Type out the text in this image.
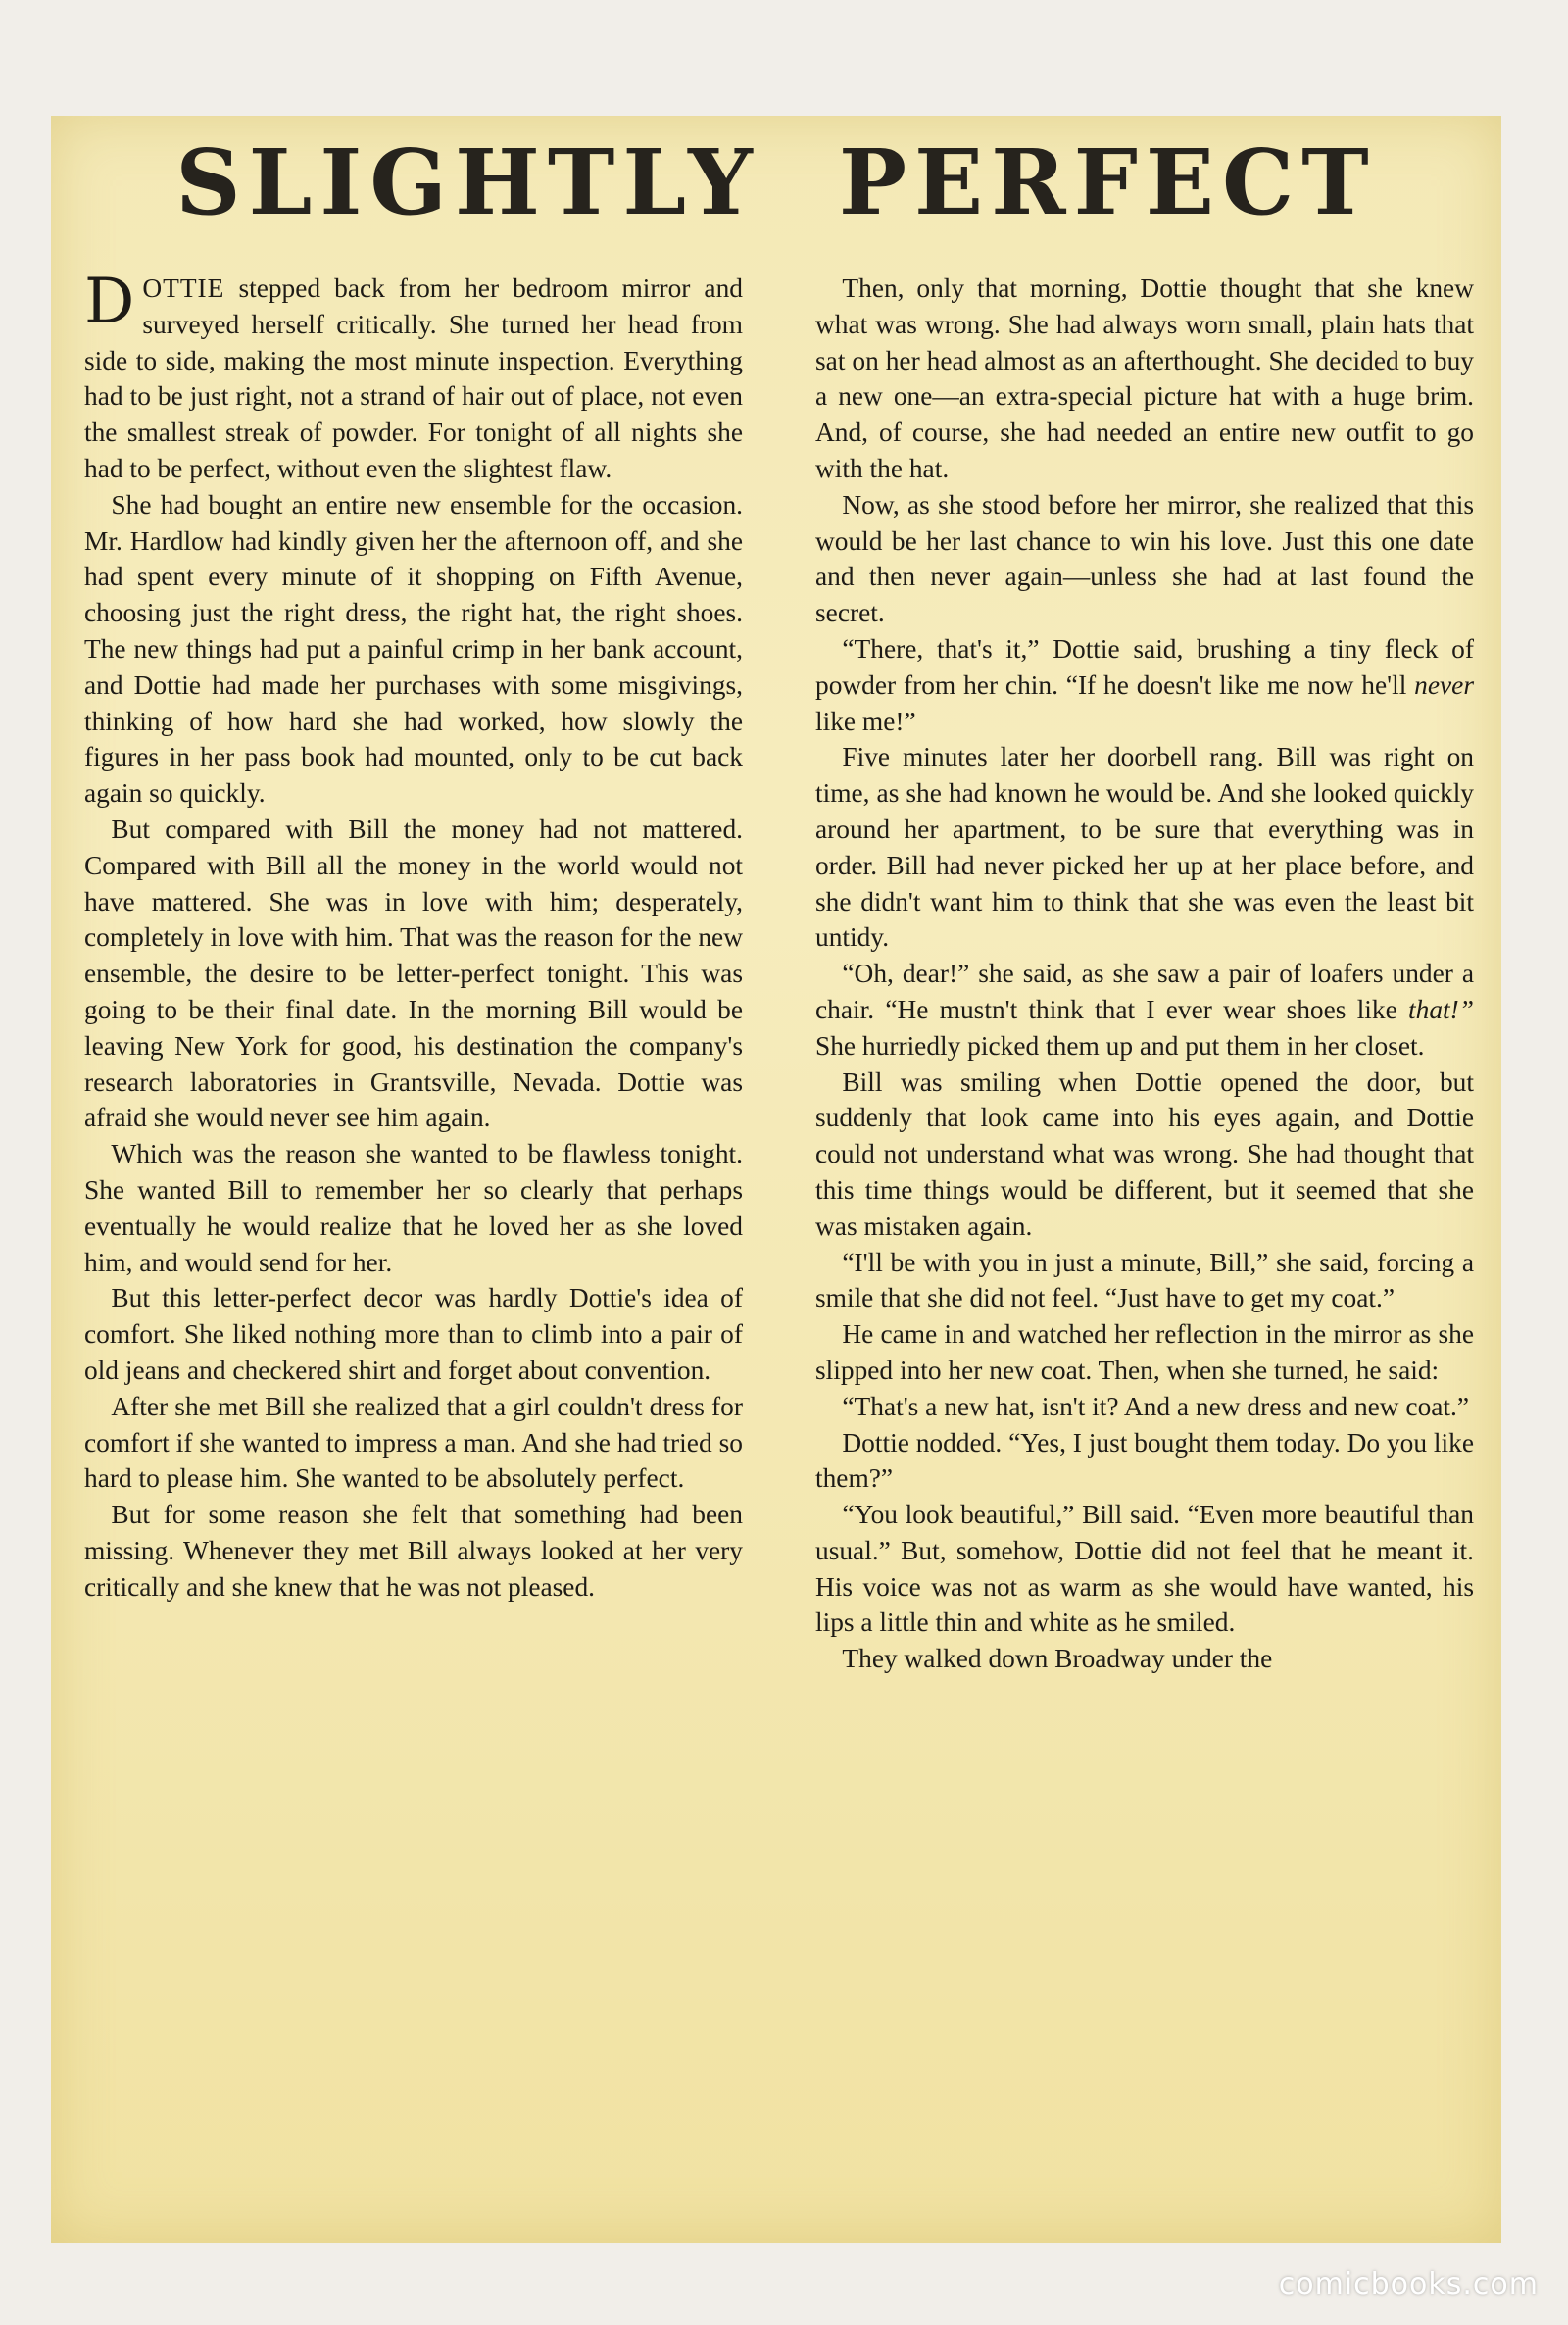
SLIGHTLY PERFECT

DOTTIE stepped back from her bedroom mirror and surveyed herself critically. She turned her head from side to side, making the most minute inspection. Everything had to be just right, not a strand of hair out of place, not even the smallest streak of powder. For tonight of all nights she had to be perfect, without even the slightest flaw.

She had bought an entire new ensemble for the occasion. Mr. Hardlow had kindly given her the afternoon off, and she had spent every minute of it shopping on Fifth Avenue, choosing just the right dress, the right hat, the right shoes. The new things had put a painful crimp in her bank account, and Dottie had made her purchases with some misgivings, thinking of how hard she had worked, how slowly the figures in her pass book had mounted, only to be cut back again so quickly.

But compared with Bill the money had not mattered. Compared with Bill all the money in the world would not have mattered. She was in love with him; desperately, completely in love with him. That was the reason for the new ensemble, the desire to be letter-perfect tonight. This was going to be their final date. In the morning Bill would be leaving New York for good, his destination the company's research laboratories in Grantsville, Nevada. Dottie was afraid she would never see him again.

Which was the reason she wanted to be flawless tonight. She wanted Bill to remember her so clearly that perhaps eventually he would realize that he loved her as she loved him, and would send for her.

But this letter-perfect decor was hardly Dottie's idea of comfort. She liked nothing more than to climb into a pair of old jeans and checkered shirt and forget about convention.

After she met Bill she realized that a girl couldn't dress for comfort if she wanted to impress a man. And she had tried so hard to please him. She wanted to be absolutely perfect.

But for some reason she felt that something had been missing. Whenever they met Bill always looked at her very critically and she knew that he was not pleased.

Then, only that morning, Dottie thought that she knew what was wrong. She had always worn small, plain hats that sat on her head almost as an afterthought. She decided to buy a new one—an extra-special picture hat with a huge brim. And, of course, she had needed an entire new outfit to go with the hat.

Now, as she stood before her mirror, she realized that this would be her last chance to win his love. Just this one date and then never again—unless she had at last found the secret.

“There, that's it,” Dottie said, brushing a tiny fleck of powder from her chin. “If he doesn't like me now he'll never like me!”

Five minutes later her doorbell rang. Bill was right on time, as she had known he would be. And she looked quickly around her apartment, to be sure that everything was in order. Bill had never picked her up at her place before, and she didn't want him to think that she was even the least bit untidy.

“Oh, dear!” she said, as she saw a pair of loafers under a chair. “He mustn't think that I ever wear shoes like that!” She hurriedly picked them up and put them in her closet.

Bill was smiling when Dottie opened the door, but suddenly that look came into his eyes again, and Dottie could not understand what was wrong. She had thought that this time things would be different, but it seemed that she was mistaken again.

“I'll be with you in just a minute, Bill,” she said, forcing a smile that she did not feel. “Just have to get my coat.”

He came in and watched her reflection in the mirror as she slipped into her new coat. Then, when she turned, he said:

“That's a new hat, isn't it? And a new dress and new coat.”

Dottie nodded. “Yes, I just bought them today. Do you like them?”

“You look beautiful,” Bill said. “Even more beautiful than usual.” But, somehow, Dottie did not feel that he meant it. His voice was not as warm as she would have wanted, his lips a little thin and white as he smiled.

They walked down Broadway under the

comicbooks.com
